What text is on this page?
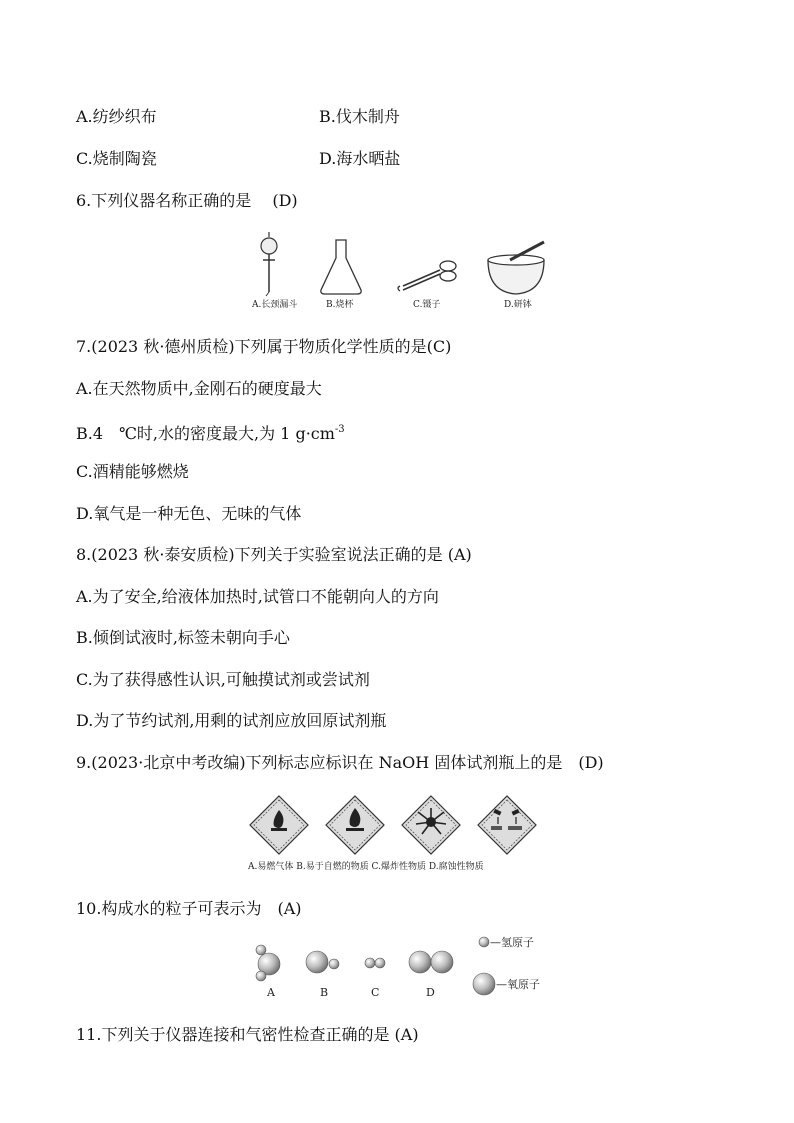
A.纺纱织布	B.伐木制舟
C.烧制陶瓷	D.海水晒盐
6.下列仪器名称正确的是　 (D)
A.长颈漏斗	B.烧杯	C.镊子	D.研钵
7.(2023 秋·德州质检)下列属于物质化学性质的是(C)
A.在天然物质中,金刚石的硬度最大
B.4　℃时,水的密度最大,为 1 $g\cdot cm^{-3}$
C.酒精能够燃烧
D.氧气是一种无色、无味的气体
8.(2023 秋·泰安质检)下列关于实验室说法正确的是 (A)
A.为了安全,给液体加热时,试管口不能朝向人的方向
B.倾倒试液时,标签未朝向手心
C.为了获得感性认识,可触摸试剂或尝试剂
D.为了节约试剂,用剩的试剂应放回原试剂瓶
9.(2023·北京中考改编)下列标志应标识在 NaOH 固体试剂瓶上的是　(D)
A.易燃气体 B.易于自燃的物质 C.爆炸性物质 D.腐蚀性物质
10.构成水的粒子可表示为　(A)
A	B	C	D
—氢原子
—氧原子
11.下列关于仪器连接和气密性检查正确的是 (A)
